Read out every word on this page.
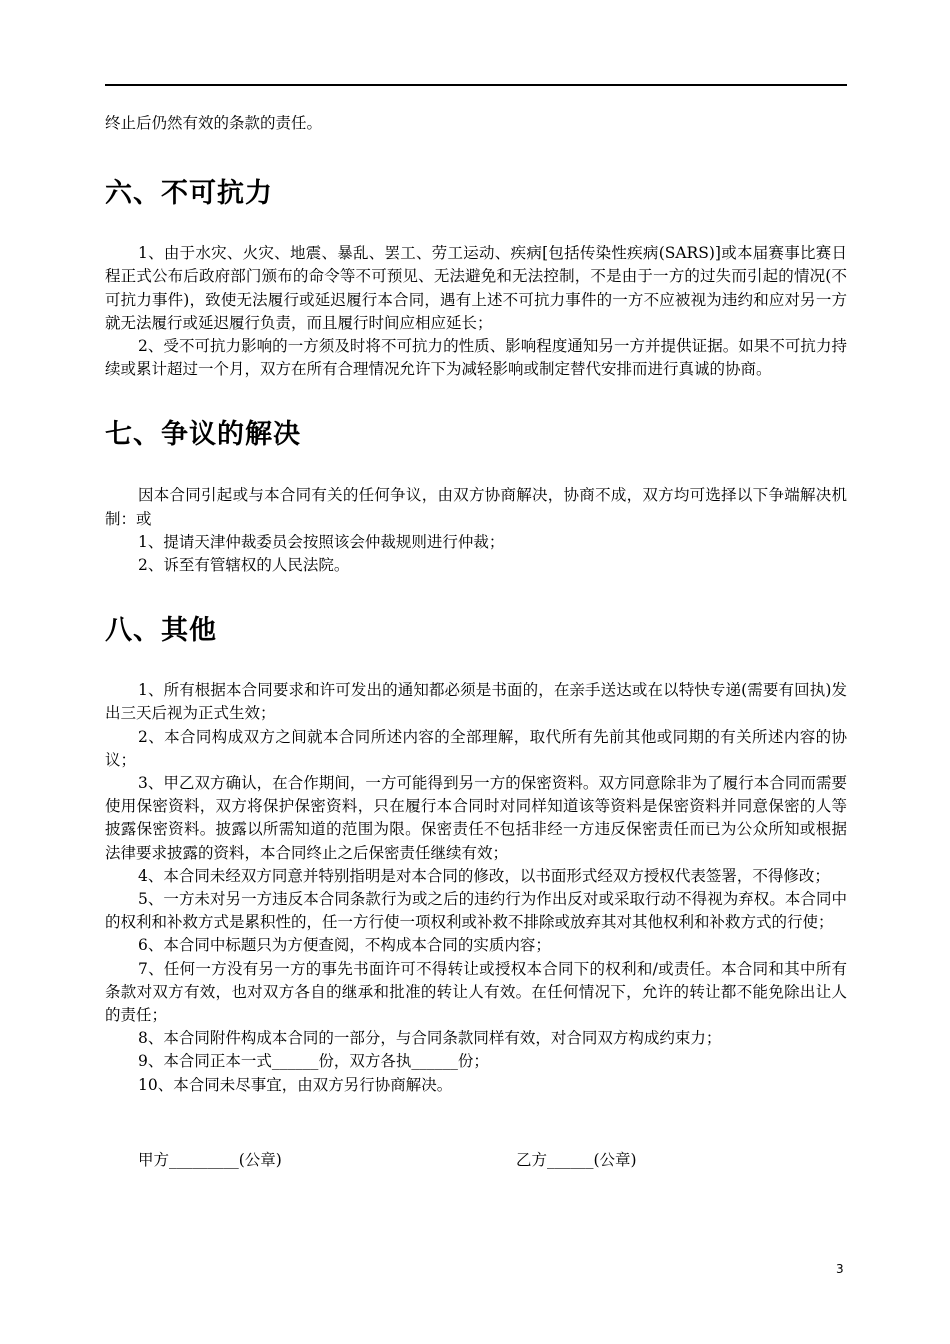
终止后仍然有效的条款的责任。

六、不可抗力

1、由于水灾、火灾、地震、暴乱、罢工、劳工运动、疾病[包括传染性疾病(SARS)]或本届赛事比赛日程正式公布后政府部门颁布的命令等不可预见、无法避免和无法控制，不是由于一方的过失而引起的情况(不可抗力事件)，致使无法履行或延迟履行本合同，遇有上述不可抗力事件的一方不应被视为违约和应对另一方就无法履行或延迟履行负责，而且履行时间应相应延长；

2、受不可抗力影响的一方须及时将不可抗力的性质、影响程度通知另一方并提供证据。如果不可抗力持续或累计超过一个月，双方在所有合理情况允许下为减轻影响或制定替代安排而进行真诚的协商。

七、争议的解决

因本合同引起或与本合同有关的任何争议，由双方协商解决，协商不成，双方均可选择以下争端解决机制：或

1、提请天津仲裁委员会按照该会仲裁规则进行仲裁；

2、诉至有管辖权的人民法院。

八、其他

1、所有根据本合同要求和许可发出的通知都必须是书面的，在亲手送达或在以特快专递(需要有回执)发出三天后视为正式生效；

2、本合同构成双方之间就本合同所述内容的全部理解，取代所有先前其他或同期的有关所述内容的协议；

3、甲乙双方确认，在合作期间，一方可能得到另一方的保密资料。双方同意除非为了履行本合同而需要使用保密资料，双方将保护保密资料，只在履行本合同时对同样知道该等资料是保密资料并同意保密的人等披露保密资料。披露以所需知道的范围为限。保密责任不包括非经一方违反保密责任而已为公众所知或根据法律要求披露的资料，本合同终止之后保密责任继续有效；

4、本合同未经双方同意并特别指明是对本合同的修改，以书面形式经双方授权代表签署，不得修改；

5、一方未对另一方违反本合同条款行为或之后的违约行为作出反对或采取行动不得视为弃权。本合同中的权利和补救方式是累积性的，任一方行使一项权利或补救不排除或放弃其对其他权利和补救方式的行使；

6、本合同中标题只为方便查阅，不构成本合同的实质内容；

7、任何一方没有另一方的事先书面许可不得转让或授权本合同下的权利和/或责任。本合同和其中所有条款对双方有效，也对双方各自的继承和批准的转让人有效。在任何情况下，允许的转让都不能免除出让人的责任；

8、本合同附件构成本合同的一部分，与合同条款同样有效，对合同双方构成约束力；

9、本合同正本一式______份，双方各执______份；

10、本合同未尽事宜，由双方另行协商解决。

甲方_________(公章)	乙方______(公章)
3
